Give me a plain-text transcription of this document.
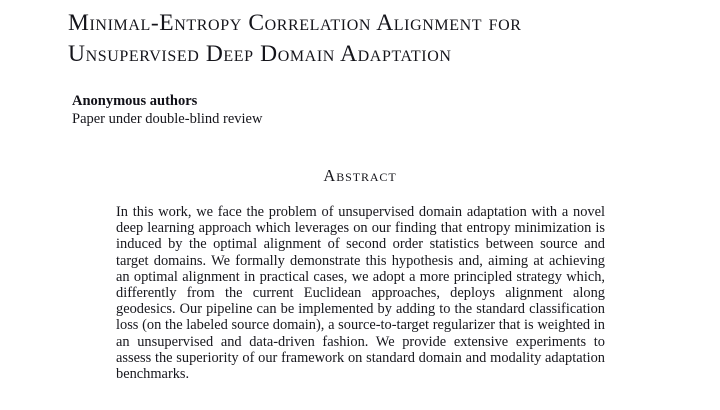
Minimal-Entropy Correlation Alignment for
Unsupervised Deep Domain Adaptation
Anonymous authors
Paper under double-blind review
Abstract

In this work, we face the problem of unsupervised domain adaptation with a novel deep learning approach which leverages on our finding that entropy minimization is induced by the optimal alignment of second order statistics between source and target domains. We formally demonstrate this hypothesis and, aiming at achieving an optimal alignment in practical cases, we adopt a more principled strategy which, differently from the current Euclidean approaches, deploys alignment along geodesics. Our pipeline can be implemented by adding to the standard classification loss (on the labeled source domain), a source-to-target regularizer that is weighted in an unsupervised and data-driven fashion. We provide extensive experiments to assess the superiority of our framework on standard domain and modality adaptation benchmarks.
